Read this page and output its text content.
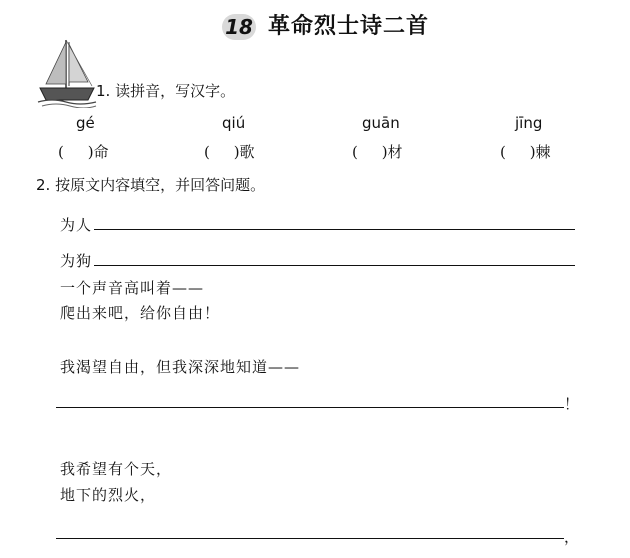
18 革命烈士诗二首
1. 读拼音，写汉字。
gé	qiú	guān	jīng
(     )命	(     )歌	(     )材	(     )棘
2. 按原文内容填空，并回答问题。
为人
为狗
一个声音高叫着——
爬出来吧，给你自由！
我渴望自由，但我深深地知道——
！
我希望有个天，
地下的烈火，
，
